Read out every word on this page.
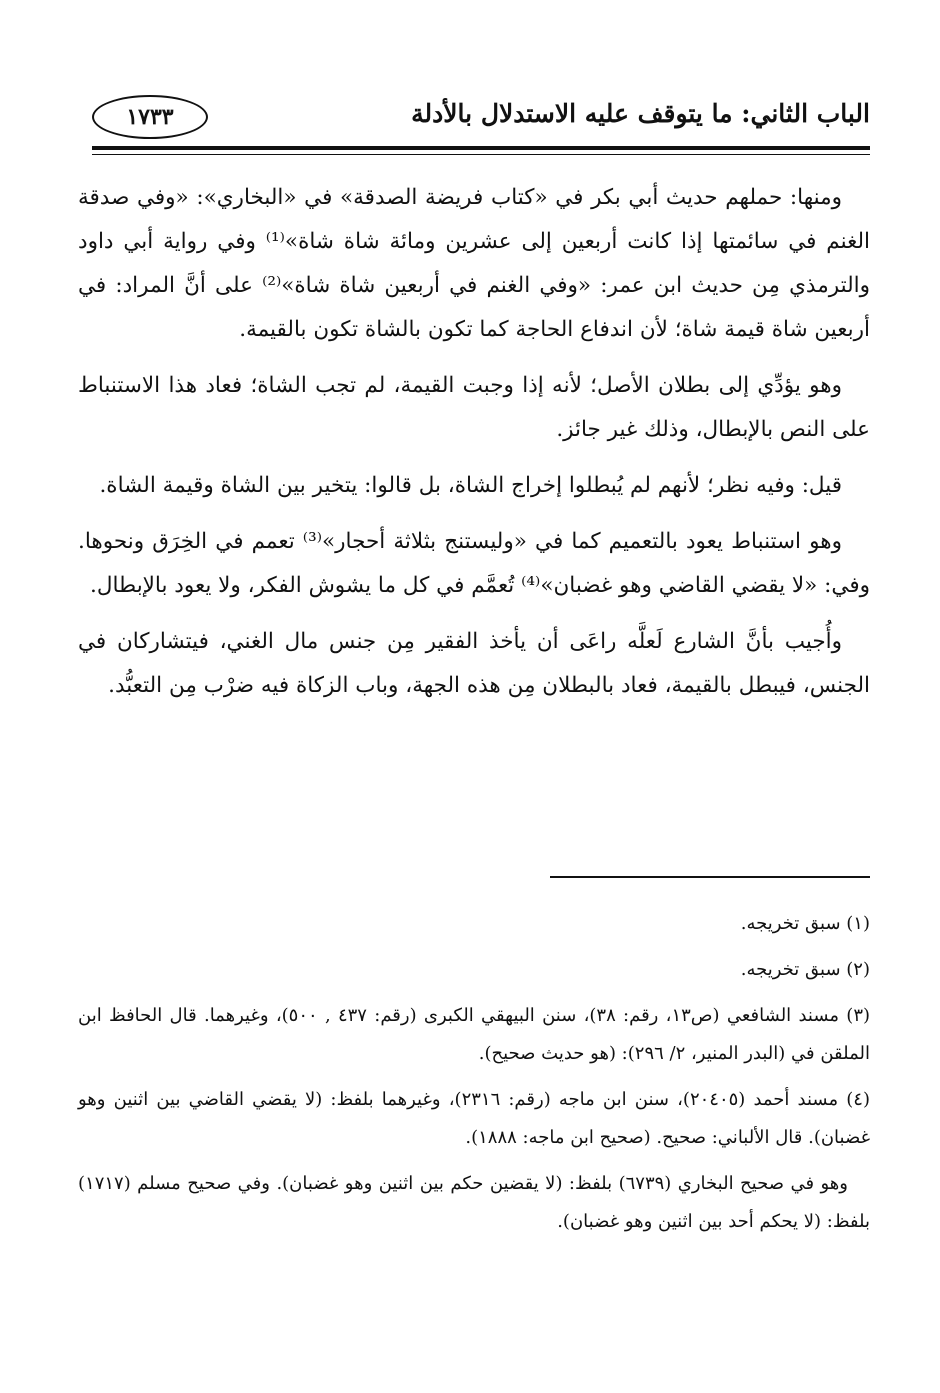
الباب الثاني: ما يتوقف عليه الاستدلال بالأدلة
١٧٣٣

ومنها: حملهم حديث أبي بكر في «كتاب فريضة الصدقة» في «البخاري»: «وفي صدقة الغنم في سائمتها إذا كانت أربعين إلى عشرين ومائة شاة شاة»⁽¹⁾ وفي رواية أبي داود والترمذي مِن حديث ابن عمر: «وفي الغنم في أربعين شاة شاة»⁽²⁾ على أنَّ المراد: في أربعين شاة قيمة شاة؛ لأن اندفاع الحاجة كما تكون بالشاة تكون بالقيمة.

وهو يؤدِّي إلى بطلان الأصل؛ لأنه إذا وجبت القيمة، لم تجب الشاة؛ فعاد هذا الاستنباط على النص بالإبطال، وذلك غير جائز.

قيل: وفيه نظر؛ لأنهم لم يُبطلوا إخراج الشاة، بل قالوا: يتخير بين الشاة وقيمة الشاة.

وهو استنباط يعود بالتعميم كما في «وليستنج بثلاثة أحجار»⁽³⁾ تعمم في الخِرَق ونحوها. وفي: «لا يقضي القاضي وهو غضبان»⁽⁴⁾ تُعمَّم في كل ما يشوش الفكر، ولا يعود بالإبطال.

وأُجيب بأنَّ الشارع لَعلَّه راعَى أن يأخذ الفقير مِن جنس مال الغني، فيتشاركان في الجنس، فيبطل بالقيمة، فعاد بالبطلان مِن هذه الجهة، وباب الزكاة فيه ضرْب مِن التعبُّد.

(١) سبق تخريجه.

(٢) سبق تخريجه.

(٣) مسند الشافعي (ص١٣، رقم: ٣٨)، سنن البيهقي الكبرى (رقم: ٤٣٧ , ٥٠٠)، وغيرهما. قال الحافظ ابن الملقن في (البدر المنير، ٢/ ٢٩٦): (هو حديث صحيح).

(٤) مسند أحمد (٢٠٤٠٥)، سنن ابن ماجه (رقم: ٢٣١٦)، وغيرهما بلفظ: (لا يقضي القاضي بين اثنين وهو غضبان). قال الألباني: صحيح. (صحيح ابن ماجه: ١٨٨٨).

وهو في صحيح البخاري (٦٧٣٩) بلفظ: (لا يقضين حكم بين اثنين وهو غضبان). وفي صحيح مسلم (١٧١٧) بلفظ: (لا يحكم أحد بين اثنين وهو غضبان).
